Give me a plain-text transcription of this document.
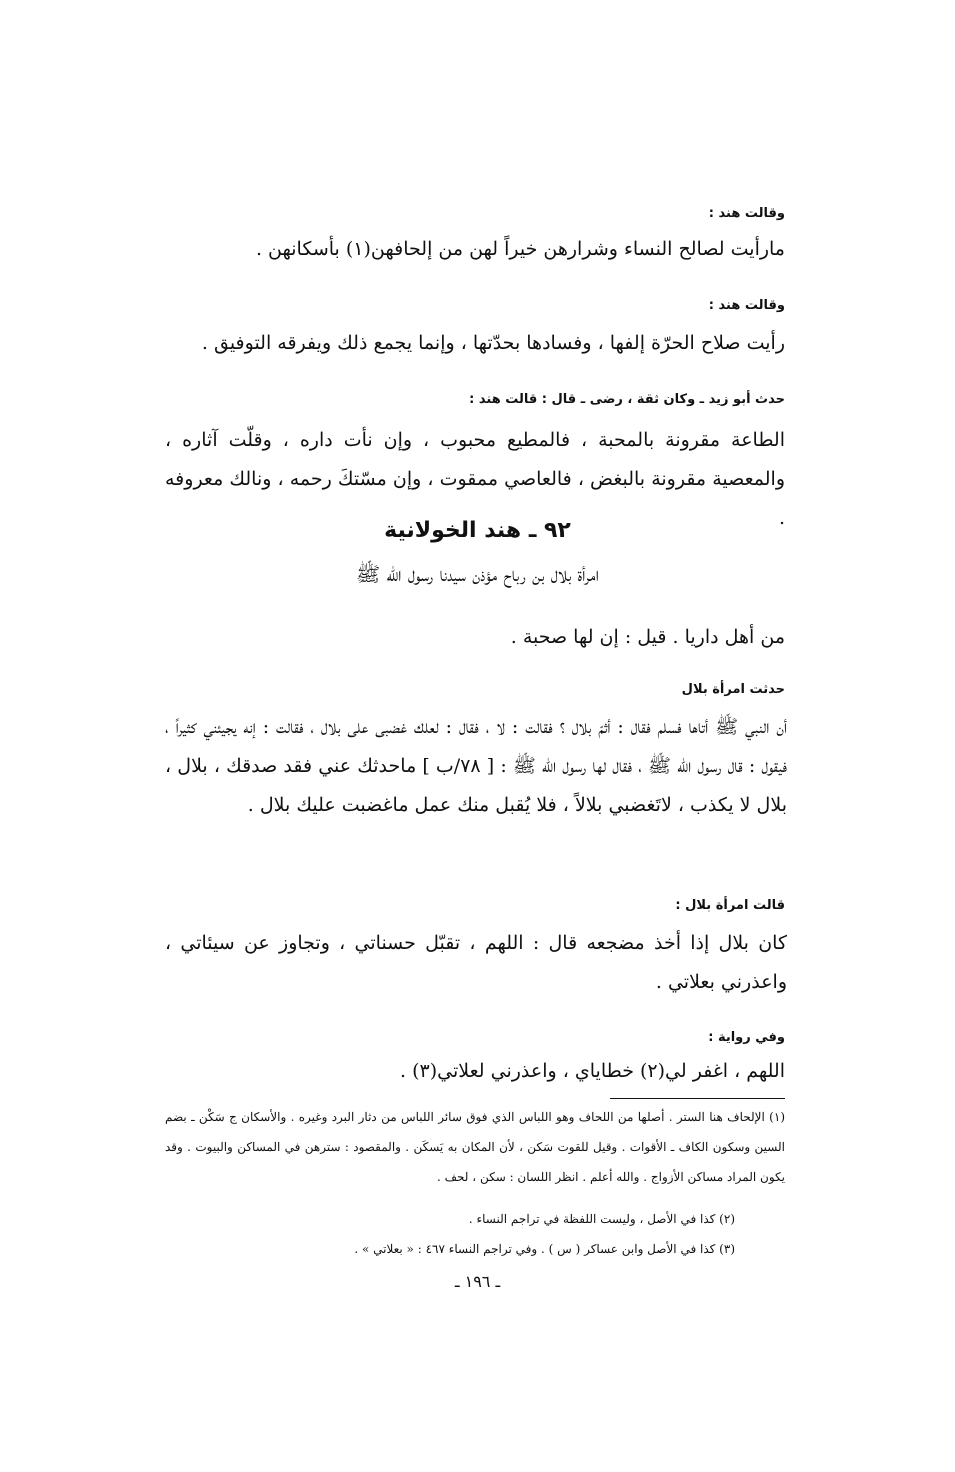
وقالت هند :

مارأيت لصالح النساء وشرارهن خيراً لهن من إلحافهن(١) بأسكانهن .

وقالت هند :

رأيت صلاح الحرّة إلفها ، وفسادها بحدّتها ، وإنما يجمع ذلك ويفرقه التوفيق .

حدث أبو زيد ـ وكان ثقة ، رضى ـ قال : قالت هند :

الطاعة مقرونة بالمحبة ، فالمطيع محبوب ، وإن نأت داره ، وقلّت آثاره ، والمعصية مقرونة بالبغض ، فالعاصي ممقوت ، وإن مسّتكَ رحمه ، ونالك معروفه .

٩٢ ـ هند الخولانية

امرأة بلال بن رباح مؤذن سيدنا رسول الله ﷺ

من أهل داريا . قيل : إن لها صحبة .

حدثت امرأة بلال

أن النبي ﷺ أتاها فسلم فقال : أثمّ بلال ؟ فقالت : لا ، فقال : لعلك غضبى على بلال ، فقالت : إنه يجيئني كثيراً ، فيقول : قال رسول الله ﷺ ، فقال لها رسول الله ﷺ : [ ٧٨/ب ] ماحدثك عني فقد صدقك ، بلال ، بلال لا يكذب ، لاتَغضبي بلالاً ، فلا يُقبل منك عمل ماغضبت عليك بلال .

قالت امرأة بلال :

كان بلال إذا أخذ مضجعه قال : اللهم ، تقبّل حسناتي ، وتجاوز عن سيئاتي ، واعذرني بعلاتي .

وفي رواية :

اللهم ، اغفر لي(٢) خطاياي ، واعذرني لعلاتي(٣) .

(١) الإلحاف هنا الستر . أصلها من اللحاف وهو اللباس الذي فوق سائر اللباس من دثار البرد وغيره . والأسكان ج سَكْن ـ بضم السين وسكون الكاف ـ الأقوات . وقيل للقوت سَكن ، لأن المكان به يَسكَن . والمقصود : سترهن في المساكن والبيوت . وقد يكون المراد مساكن الأزواج . والله أعلم . انظر اللسان : سكن ، لحف .

(٢) كذا في الأصل ، وليست اللفظة في تراجم النساء .

(٣) كذا في الأصل وابن عساكر ( س ) . وفي تراجم النساء ٤٦٧ : « بعلاتي » .

ـ ١٩٦ ـ
